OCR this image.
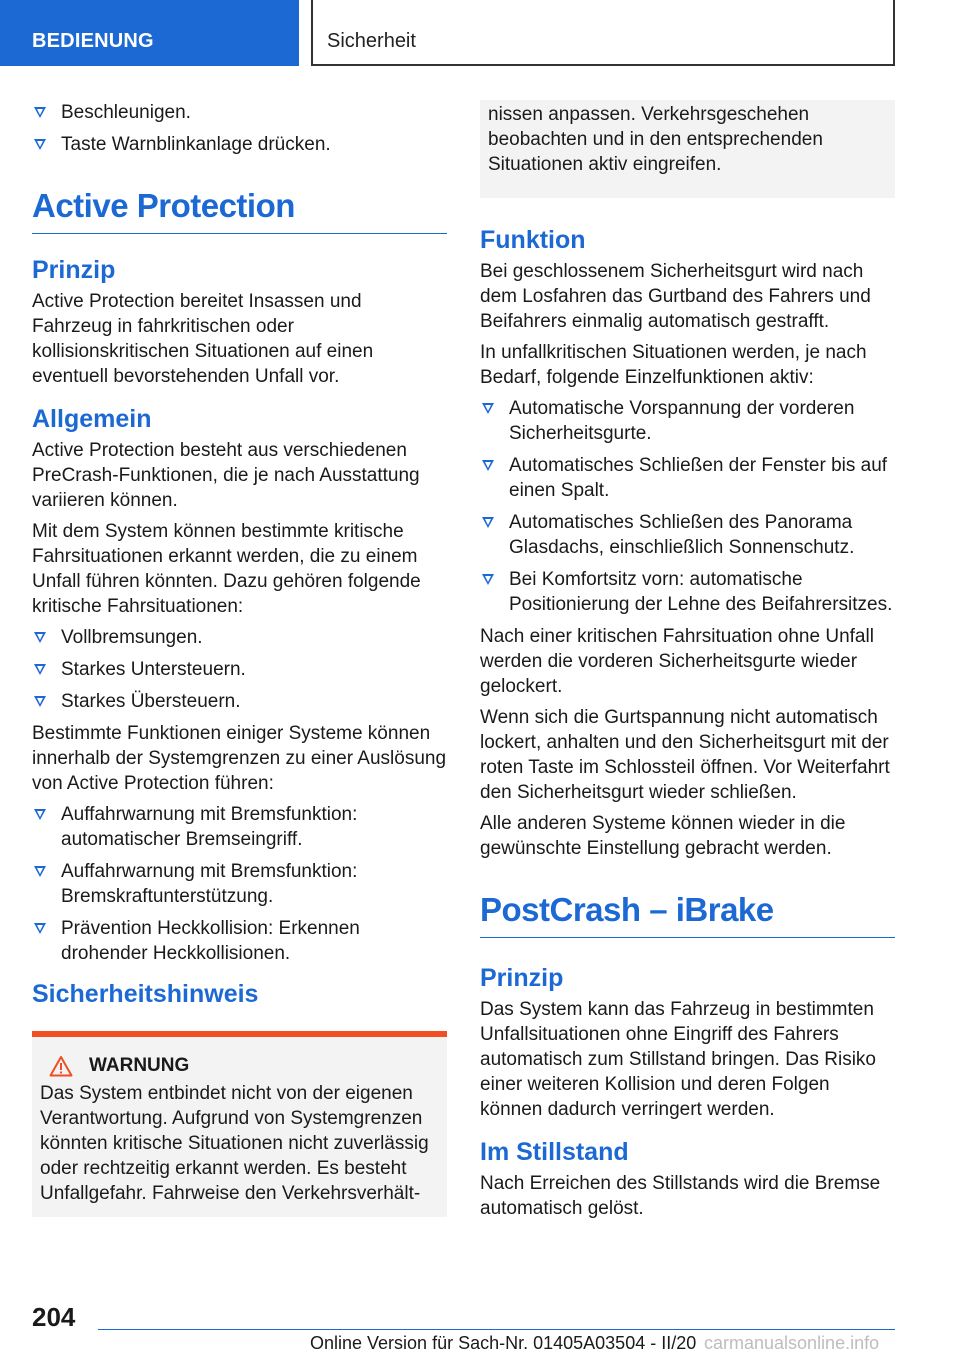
BEDIENUNG	Sicherheit
Beschleunigen.
Taste Warnblinkanlage drücken.
Active Protection
Prinzip

Active Protection bereitet Insassen und Fahrzeug in fahrkritischen oder kollisionskritischen Situationen auf einen eventuell bevorstehenden Unfall vor.

Allgemein

Active Protection besteht aus verschiedenen PreCrash-Funktionen, die je nach Ausstattung variieren können.

Mit dem System können bestimmte kritische Fahrsituationen erkannt werden, die zu einem Unfall führen könnten. Dazu gehören folgende kritische Fahrsituationen:

Vollbremsungen.
Starkes Untersteuern.
Starkes Übersteuern.

Bestimmte Funktionen einiger Systeme können innerhalb der Systemgrenzen zu einer Auslösung von Active Protection führen:

Auffahrwarnung mit Bremsfunktion: automatischer Bremseingriff.
Auffahrwarnung mit Bremsfunktion: Bremskraftunterstützung.
Prävention Heckkollision: Erkennen drohender Heckkollisionen.
Sicherheitshinweis
WARNUNG

Das System entbindet nicht von der eigenen Verantwortung. Aufgrund von Systemgrenzen könnten kritische Situationen nicht zuverlässig oder rechtzeitig erkannt werden. Es besteht Unfallgefahr. Fahrweise den Verkehrsverhält-

nissen anpassen. Verkehrsgeschehen beobachten und in den entsprechenden Situationen aktiv eingreifen.

Funktion

Bei geschlossenem Sicherheitsgurt wird nach dem Losfahren das Gurtband des Fahrers und Beifahrers einmalig automatisch gestrafft.

In unfallkritischen Situationen werden, je nach Bedarf, folgende Einzelfunktionen aktiv:

Automatische Vorspannung der vorderen Sicherheitsgurte.
Automatisches Schließen der Fenster bis auf einen Spalt.
Automatisches Schließen des Panorama Glasdachs, einschließlich Sonnenschutz.
Bei Komfortsitz vorn: automatische Positionierung der Lehne des Beifahrersitzes.

Nach einer kritischen Fahrsituation ohne Unfall werden die vorderen Sicherheitsgurte wieder gelockert.

Wenn sich die Gurtspannung nicht automatisch lockert, anhalten und den Sicherheitsgurt mit der roten Taste im Schlossteil öffnen. Vor Weiterfahrt den Sicherheitsgurt wieder schließen.

Alle anderen Systeme können wieder in die gewünschte Einstellung gebracht werden.

PostCrash – iBrake
Prinzip

Das System kann das Fahrzeug in bestimmten Unfallsituationen ohne Eingriff des Fahrers automatisch zum Stillstand bringen. Das Risiko einer weiteren Kollision und deren Folgen können dadurch verringert werden.

Im Stillstand

Nach Erreichen des Stillstands wird die Bremse automatisch gelöst.

204
Online Version für Sach-Nr. 01405A03504 - II/20 carmanualsonline.info
